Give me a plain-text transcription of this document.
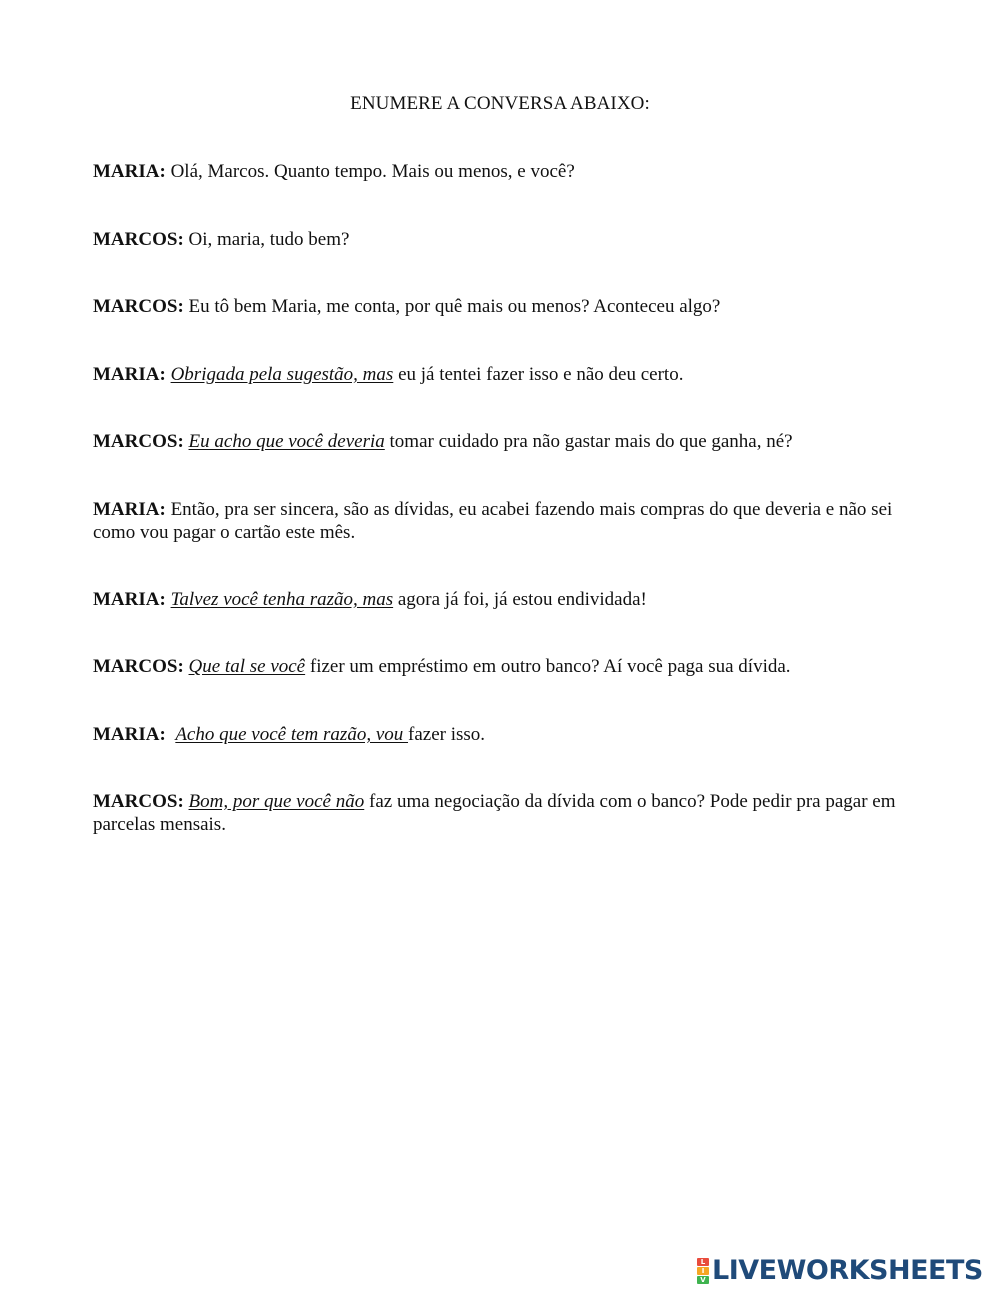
ENUMERE A CONVERSA ABAIXO:
MARIA: Olá, Marcos. Quanto tempo. Mais ou menos, e você?
MARCOS: Oi, maria, tudo bem?
MARCOS: Eu tô bem Maria, me conta, por quê mais ou menos? Aconteceu algo?
MARIA: Obrigada pela sugestão, mas eu já tentei fazer isso e não deu certo.
MARCOS: Eu acho que você deveria tomar cuidado pra não gastar mais do que ganha, né?
MARIA: Então, pra ser sincera, são as dívidas, eu acabei fazendo mais compras do que deveria e não sei como vou pagar o cartão este mês.
MARIA: Talvez você tenha razão, mas agora já foi, já estou endividada!
MARCOS: Que tal se você fizer um empréstimo em outro banco? Aí você paga sua dívida.
MARIA: Acho que você tem razão, vou fazer isso.
MARCOS: Bom, por que você não faz uma negociação da dívida com o banco? Pode pedir pra pagar em parcelas mensais.
L
I
V LIVEWORKSHEETS
